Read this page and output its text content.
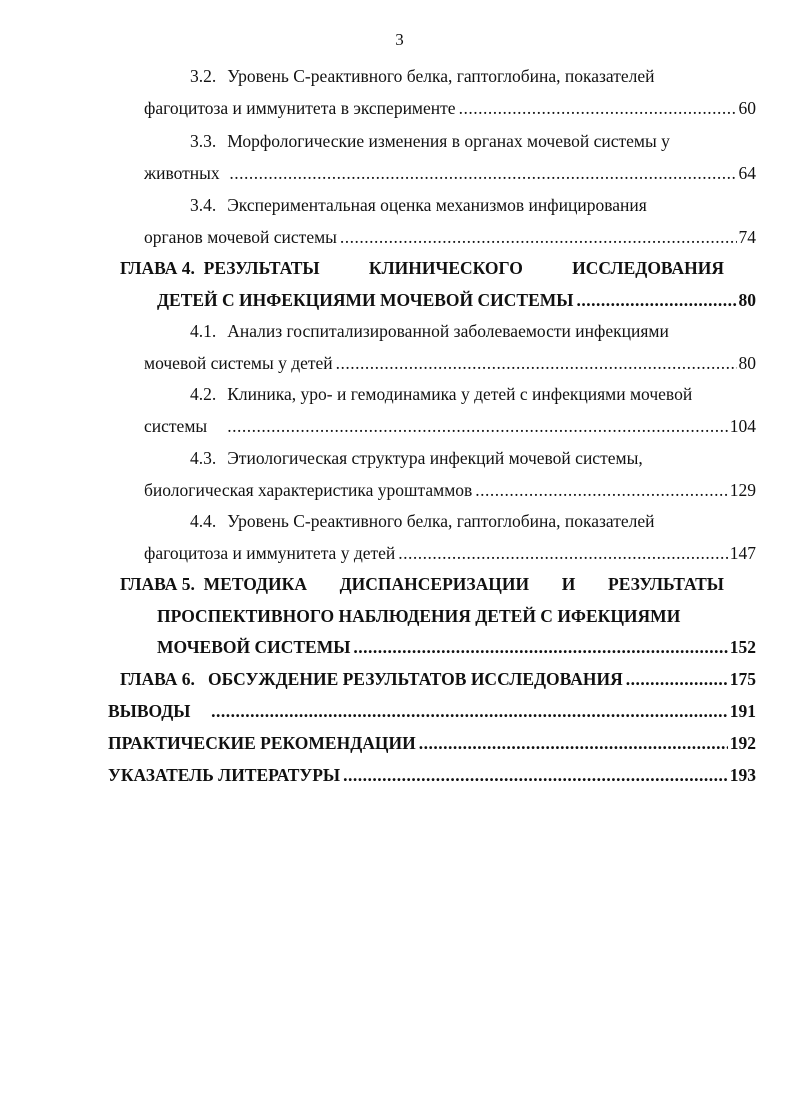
3
3.2. Уровень С-реактивного белка, гаптоглобина, показателей
фагоцитоза и иммунитета в эксперименте .....	60
3.3. Морфологические изменения в органах мочевой системы у
животных .....	64
3.4. Экспериментальная оценка механизмов инфицирования
органов мочевой системы .....	74
ГЛАВА 4. РЕЗУЛЬТАТЫ	КЛИНИЧЕСКОГО	ИССЛЕДОВАНИЯ
ДЕТЕЙ С ИНФЕКЦИЯМИ МОЧЕВОЙ СИСТЕМЫ .....	80
4.1. Анализ госпитализированной заболеваемости инфекциями
мочевой системы у детей .....	80
4.2. Клиника, уро- и гемодинамика у детей с инфекциями мочевой
системы .....	104
4.3. Этиологическая структура инфекций мочевой системы,
биологическая характеристика уроштаммов .....	129
4.4. Уровень С-реактивного белка, гаптоглобина, показателей
фагоцитоза и иммунитета у детей .....	147
ГЛАВА 5. МЕТОДИКА ДИСПАНСЕРИЗАЦИИ И РЕЗУЛЬТАТЫ
ПРОСПЕКТИВНОГО НАБЛЮДЕНИЯ ДЕТЕЙ С ИФЕКЦИЯМИ
МОЧЕВОЙ СИСТЕМЫ .....	152
ГЛАВА 6.
ОБСУЖДЕНИЕ РЕЗУЛЬТАТОВ ИССЛЕДОВАНИЯ .....	175
ВЫВОДЫ .....	191
ПРАКТИЧЕСКИЕ РЕКОМЕНДАЦИИ .....	192
УКАЗАТЕЛЬ ЛИТЕРАТУРЫ .....	193
